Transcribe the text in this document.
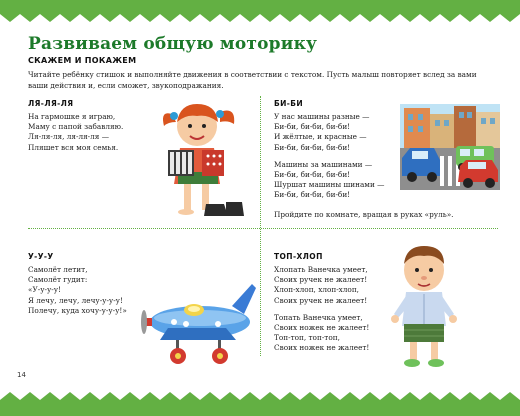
Развиваем общую моторику
СКАЖЕМ И ПОКАЖЕМ
Читайте ребёнку стишок и выполняйте движения в соответствии с текстом. Пусть малыш повторяет вслед за вами ваши действия и, если сможет, звукоподражания.
ЛЯ-ЛЯ-ЛЯ
На гармошке я играю,
Маму с папой забавляю.
Ля-ля-ля, ля-ля-ля —
Пляшет вся моя семья.
БИ-БИ
У нас машины разные —
Би-би, би-би, би-би!
И жёлтые, и красные —
Би-би, би-би, би-би!
Машины за машинами —
Би-би, би-би, би-би!
Шуршат машины шинами —
Би-би, би-би, би-би!
Пройдите по комнате, вращая в руках «руль».
У-У-У
Самолёт летит,
Самолёт гудит:
«У-у-у-у!
Я лечу, лечу, лечу-у-у-у!
Полечу, куда хочу-у-у-у!»
ТОП-ХЛОП
Хлопать Ванечка умеет,
Своих ручек не жалеет!
Хлоп-хлоп, хлоп-хлоп,
Своих ручек не жалеет!
Топать Ванечка умеет,
Своих ножек не жалеет!
Топ-топ, топ-топ,
Своих ножек не жалеет!
14
